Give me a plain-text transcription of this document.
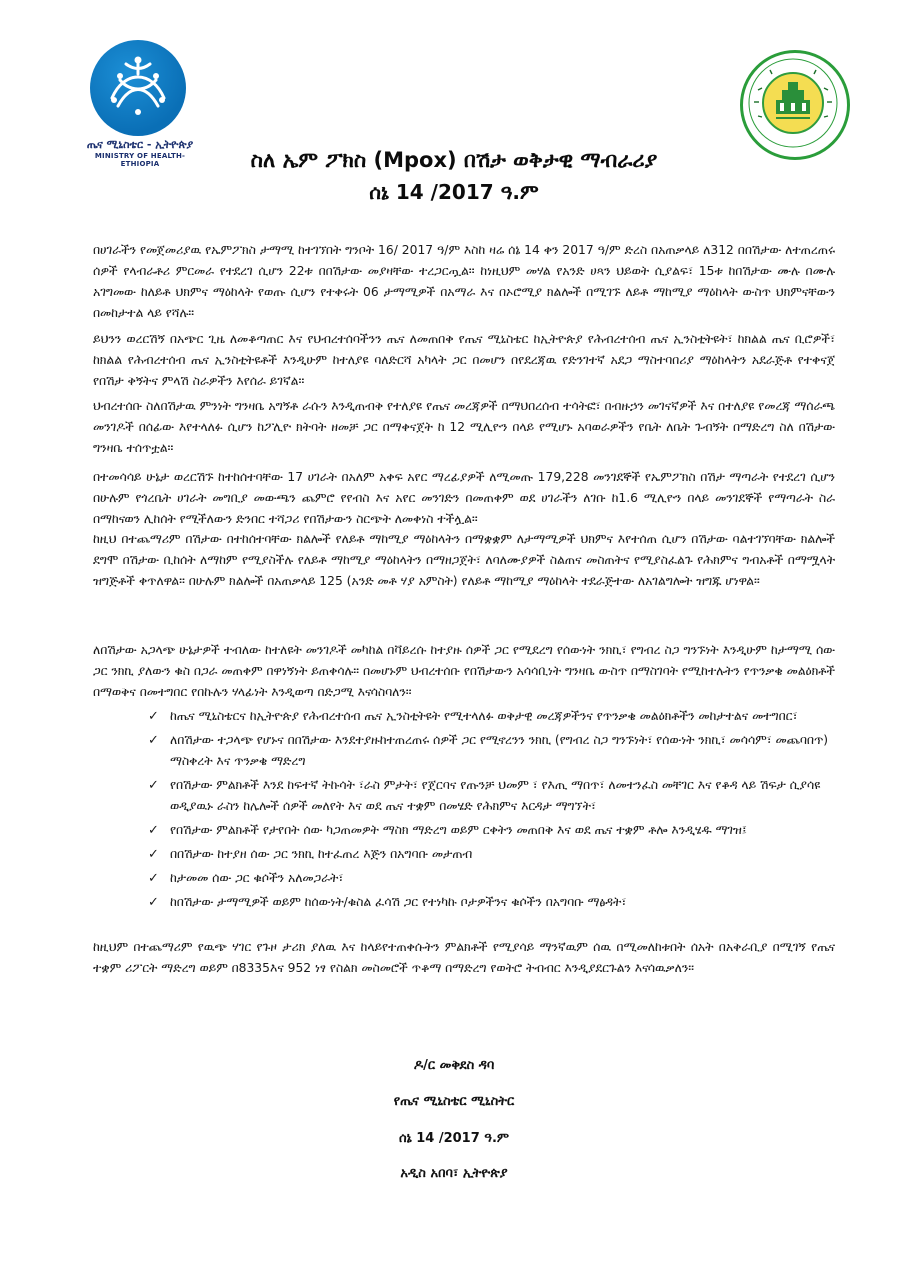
ጤና ሚኒስቴር - ኢትዮጵያ
MINISTRY OF HEALTH-ETHIOPIA	ስለ ኤም ፖክስ (Mpox) በሽታ ወቅታዊ ማብራሪያ
ሰኔ 14 /2017 ዓ.ም

በሀገራችን የመጀመሪያዉ የኤምፖክስ ታማሚ ከተገኘበት ግንቦት 16/ 2017 ዓ/ም እስከ ዛሬ ሰኔ 14 ቀን 2017 ዓ/ም ድረስ በአጠቃላይ ለ312 በበሽታው ለተጠረጠሩ ሰዎች የላብራቶሪ ምርመራ የተደረገ ሲሆን 22ቱ በበሽታው መያዛቸው ተረጋርጧል። ከነዚህም መሃል የአንድ ሀጻን ህይወት ሲያልፍ፣ 15ቱ ከበሽታው ሙሉ በሙሉ አገግመው ከለይቶ ህክምና ማዕከላት የወጡ ሲሆን የተቀሩት 06 ታማሚዎች በአማራ እና በኦሮሚያ ክልሎች በሚገኙ ለይቶ ማከሚያ ማዕከላት ውስጥ ህክምናቸውን በመከታተል ላይ የሻሉ።

ይህንን ወረርሽኝ በአጭር ጊዜ ለመቆጣጠር እና የህብረተሰባችንን ጤና ለመጠበቅ የጤና ሚኒስቴር ከኢትዮጵያ የሕብረተሰብ ጤና ኢንስቲትዩት፣ ከክልል ጤና ቢሮዎች፣ ከክልል የሕብረተሰብ ጤና ኢንስቲትዩቶች እንዲሁም ከተለያዩ ባለድርሻ አካላት ጋር በመሆን በየደረጃዉ የድንገተኛ አደጋ ማስተባበሪያ ማዕከላትን አደራጅቶ የተቀናጀ የበሽታ ቅኝትና ምላሽ ስራዎችን እየሰራ ይገኛል።

ህብረተሰቡ ስለበሽታዉ ምንነት ግንዛቤ አግኝቶ ራሱን እንዲጠብቅ የተለያዩ የጤና መረጃዎች በማህበረሰብ ተሳትፎ፣ በብዙኃን መገናኛዎች እና በተለያዩ የመረጃ ማሰራጫ መንገዶች በሰፊው እየተላለፉ ሲሆን ከፖሊዮ ክትባት ዘመቻ ጋር በማቀናጀት ከ 12 ሚሊዮን በላይ የሚሆኑ አባወራዎችን የቤት ለቤት ጉብኝት በማድረግ ስለ በሽታው ግንዛቤ ተሰጥቷል።

በተመሳሳይ ሁኔታ ወረርሽኙ ከተከሰተባቸው 17 ሀገራት በአለም አቀፍ አየር ማረፊያዎች ለሚመጡ 179,228 መንገደኞች የኤምፖክስ በሽታ ማጣራት የተደረገ ሲሆን በሁሉም የጎረቤት ሀገራት መግቢያ መውጫን ጨምሮ የየብስ እና አየር መንገድን በመጠቀም ወደ ሀገራችን ለገቡ ከ1.6 ሚሊዮን በላይ መንገደኞች የማጣራት ስራ በማከናወን ሊከሰት የሚችለውን ድንበር ተሻጋሪ የበሽታውን ስርጭት ለመቀነስ ተችሏል።

ከዚህ በተጨማሪም በሽታው በተከሰተባቸው ክልሎች የለይቶ ማከሚያ ማዕከላትን በማቋቋም ለታማሚዎች ህክምና እየተሰጠ ሲሆን በሽታው ባልተገኘባቸው ክልሎች ደግሞ በሽታው ቢከሰት ለማከም የሚያስችሉ የለይቶ ማከሚያ ማዕከላትን በማዘጋጀት፣ ለባለሙያዎች ስልጠና መስጠትና የሚያስፈልጉ የሕክምና ግብአቶች በማሟላት ዝግጅቶች ቀጥለዋል። በሁሉም ክልሎች በአጠቃላይ 125 (አንድ መቶ ሃያ አምስት) የለይቶ ማከሚያ ማዕከላት ተደራጅተው ለአገልግሎት ዝግጁ ሆነዋል፡፡

ለበሽታው አጋላጭ ሁኔታዎች ተብለው ከተለዩት መንገዶች መካከል በቫይረሱ ከተያዙ ሰዎች ጋር የሚደረግ የሰውነት ንክኪ፣ የግብረ ስጋ ግንኙነት እንዲሁም ከታማሚ ሰው ጋር ንክኪ ያለውን ቁስ በጋራ መጠቀም በዋነኝነት ይጠቀሳሉ። በመሆኑም ህብረተሰቡ የበሽታውን አሳሳቢነት ግንዛቤ ውስጥ በማስገባት የሚከተሉትን የጥንቃቄ መልዕክቶች በማወቅና በመተግበር የበኩሉን ሃላፊነት እንዲወጣ በድጋሚ እናሳስባለን፡፡

✓ ከጤና ሚኒስቴርና ከኢትዮጵያ የሕብረተሰብ ጤና ኢንስቲትዩት የሚተላለፉ ወቅታዊ መረጃዎችንና የጥንቃቄ መልዕክቶችን መከታተልና መተግበር፣
✓ ለበሽታው ተጋላጭ የሆኑና በበሽታው እንደተያዙከተጠረጠሩ ሰዎች ጋር የሚኖረንን ንክኪ (የግብረ ስጋ ግንኙነት፣ የሰውነት ንክኪ፣ መሳሳም፣ መጨባበጥ) ማስቀረት እና ጥንቃቄ ማድረግ
✓ የበሽታው ምልክቶች እንደ ከፍተኛ ትኩሳት ፣ራስ ምታት፣ የጀርባና የጡንቻ ህመም ፣ የእጢ ማበጥ፣ ለመተንፈስ መቸገር እና የቆዳ ላይ ሽፍታ ሲያሳዩ ወዲያዉኑ ራስን ከሌሎች ሰዎች መለየት እና ወደ ጤና ተቋም በመሄድ የሕክምና እርዳታ ማግኘት፣
✓ የበሽታው ምልክቶች የታየበት ሰው ካጋጠመዎት ማስክ ማድረግ ወይም ርቀትን መጠበቅ እና ወደ ጤና ተቋም ቶሎ እንዲሄዱ ማገዝ፤
✓ በበሽታው ከተያዘ ሰው ጋር ንክኪ ከተፈጠረ እጅን በአግባቡ መታጠብ
✓ ከታመመ ሰው ጋር ቁሶችን አለመጋራት፣
✓ ከበሽታው ታማሚዎች ወይም ከሰውነት/ቁስል ፈሳሽ ጋር የተነካኩ ቦታዎችንና ቁሶችን በአግባቡ ማፅዳት፣

ከዚህም በተጨማሪም የዉጭ ሃገር የጉዞ ታሪክ ያለዉ እና ከላይየተጠቀሱትን ምልክቶች የሚያሳይ ማንኛዉም ሰዉ በሚመለከቱበት ሰአት በአቅራቢያ በሚገኝ የጤና ተቋም ሪፖርት ማድረግ ወይም በ8335እና 952 ነፃ የስልክ መስመሮች ጥቆማ በማድረግ የወትሮ ትብብር እንዲያደርጉልን እናሳዉቃለን፡፡

ዶ/ር መቅደስ ዳባ
የጤና ሚኒስቴር ሚኒስትር
ሰኔ 14 /2017 ዓ.ም
አዲስ አበባ፣ ኢትዮጵያ
